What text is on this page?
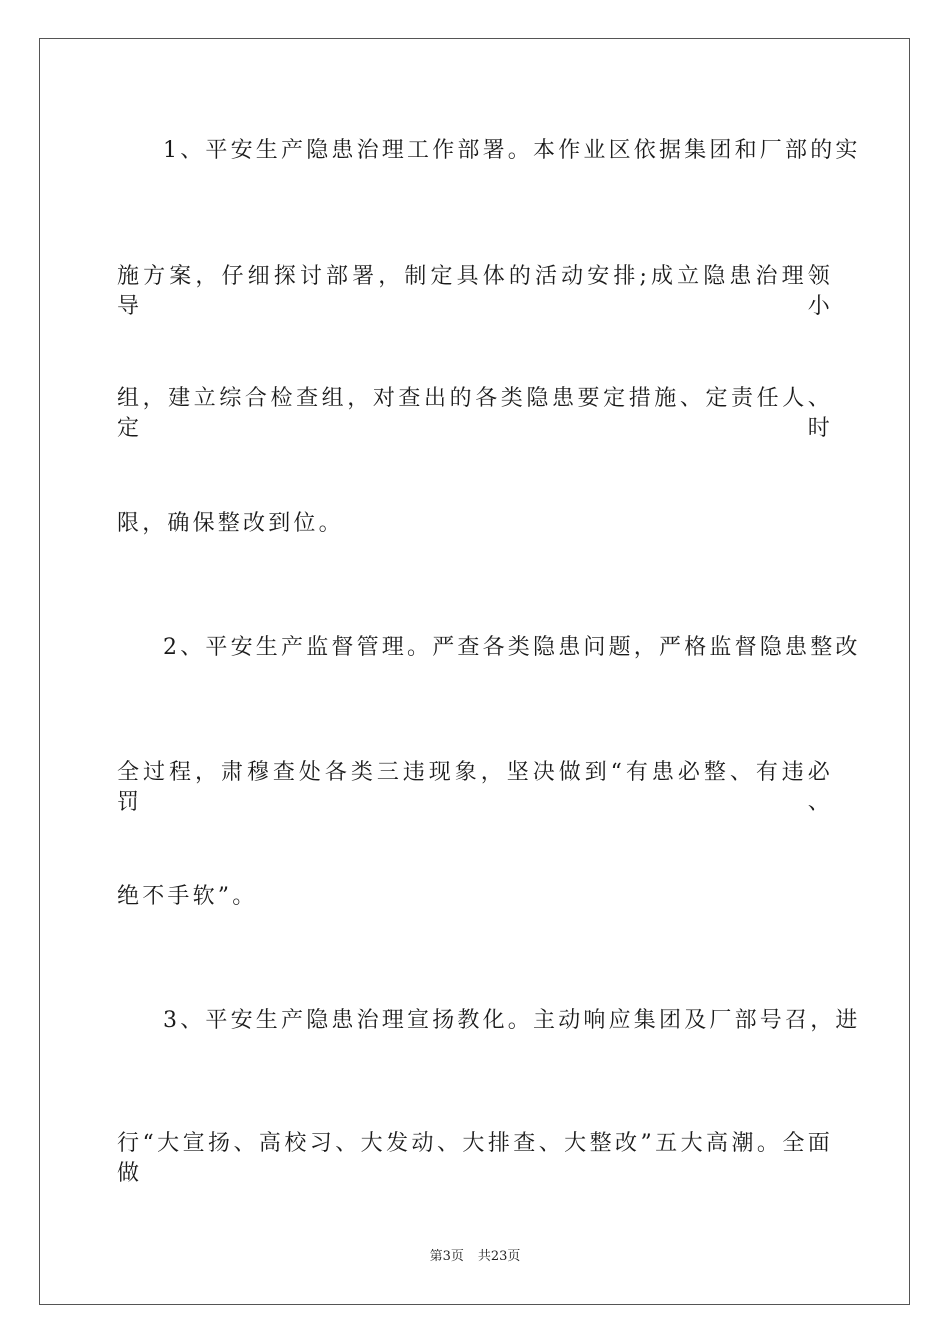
1、平安生产隐患治理工作部署。本作业区依据集团和厂部的实
施方案，仔细探讨部署，制定具体的活动安排;成立隐患治理领导小
组，建立综合检查组，对查出的各类隐患要定措施、定责任人、定时
限，确保整改到位。
2、平安生产监督管理。严查各类隐患问题，严格监督隐患整改
全过程，肃穆查处各类三违现象，坚决做到“有患必整、有违必罚、
绝不手软”。
3、平安生产隐患治理宣扬教化。主动响应集团及厂部号召，进
行“大宣扬、高校习、大发动、大排查、大整改”五大高潮。全面做
第3页 共23页
